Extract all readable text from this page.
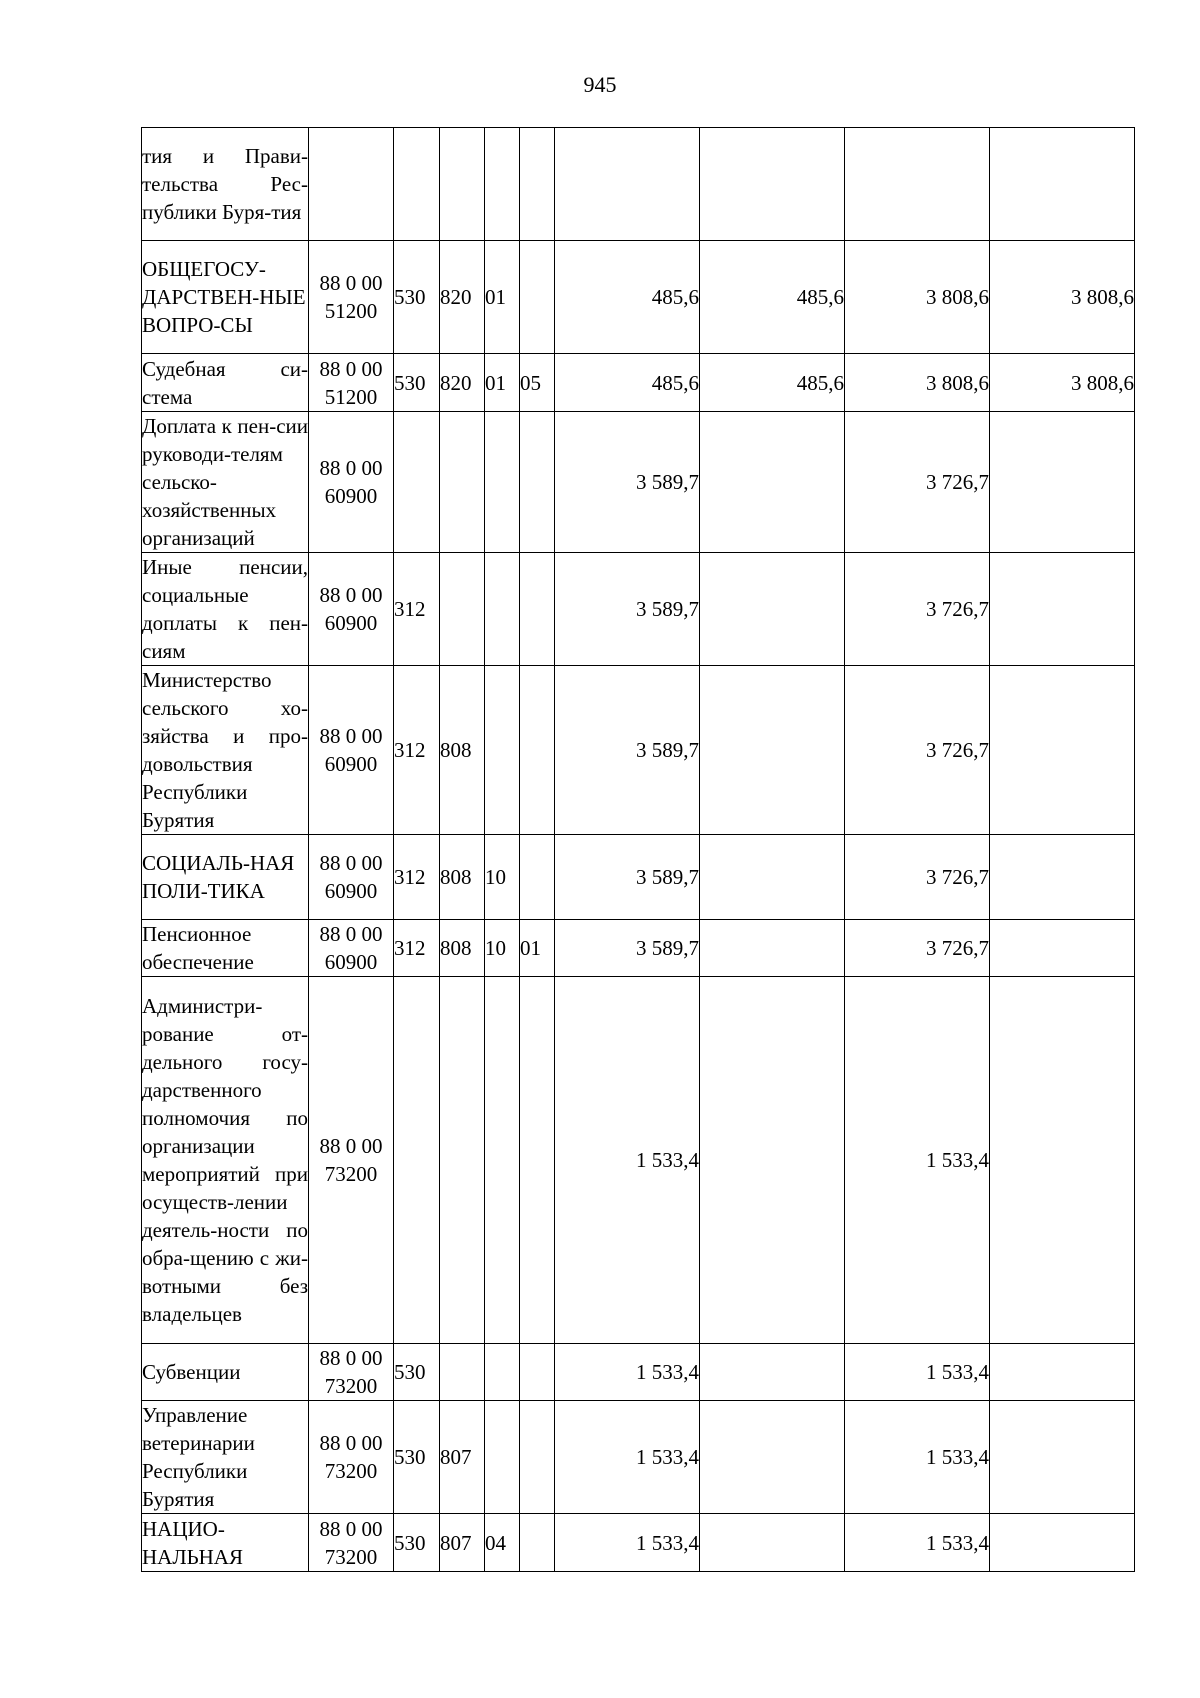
945
тия и Прави-тельства Рес-публики Буря-тия									

ОБЩЕГОСУ-ДАРСТВЕН-НЫЕ ВОПРО-СЫ	88 0 00 51200	530	820	01		485,6	485,6	3 808,6	3 808,6

Судебная си-стема	88 0 00 51200	530	820	01	05	485,6	485,6	3 808,6	3 808,6

Доплата к пен-сии руководи-телям сельско-хозяйственных организаций	88 0 00 60900					3 589,7		3 726,7	

Иные пенсии, социальные доплаты к пен-сиям	88 0 00 60900	312				3 589,7		3 726,7	

Министерство сельского хо-зяйства и про-довольствия Республики Бурятия	88 0 00 60900	312	808			3 589,7		3 726,7	

СОЦИАЛЬ-НАЯ ПОЛИ-ТИКА	88 0 00 60900	312	808	10		3 589,7		3 726,7	

Пенсионное обеспечение	88 0 00 60900	312	808	10	01	3 589,7		3 726,7	

Администри-рование от-дельного госу-дарственного полномочия по организации мероприятий при осуществ-лении деятель-ности по обра-щению с жи-вотными без владельцев	88 0 00 73200					1 533,4		1 533,4	

Субвенции	88 0 00 73200	530				1 533,4		1 533,4	

Управление ветеринарии Республики Бурятия	88 0 00 73200	530	807			1 533,4		1 533,4	

НАЦИО-НАЛЬНАЯ	88 0 00 73200	530	807	04		1 533,4		1 533,4	
